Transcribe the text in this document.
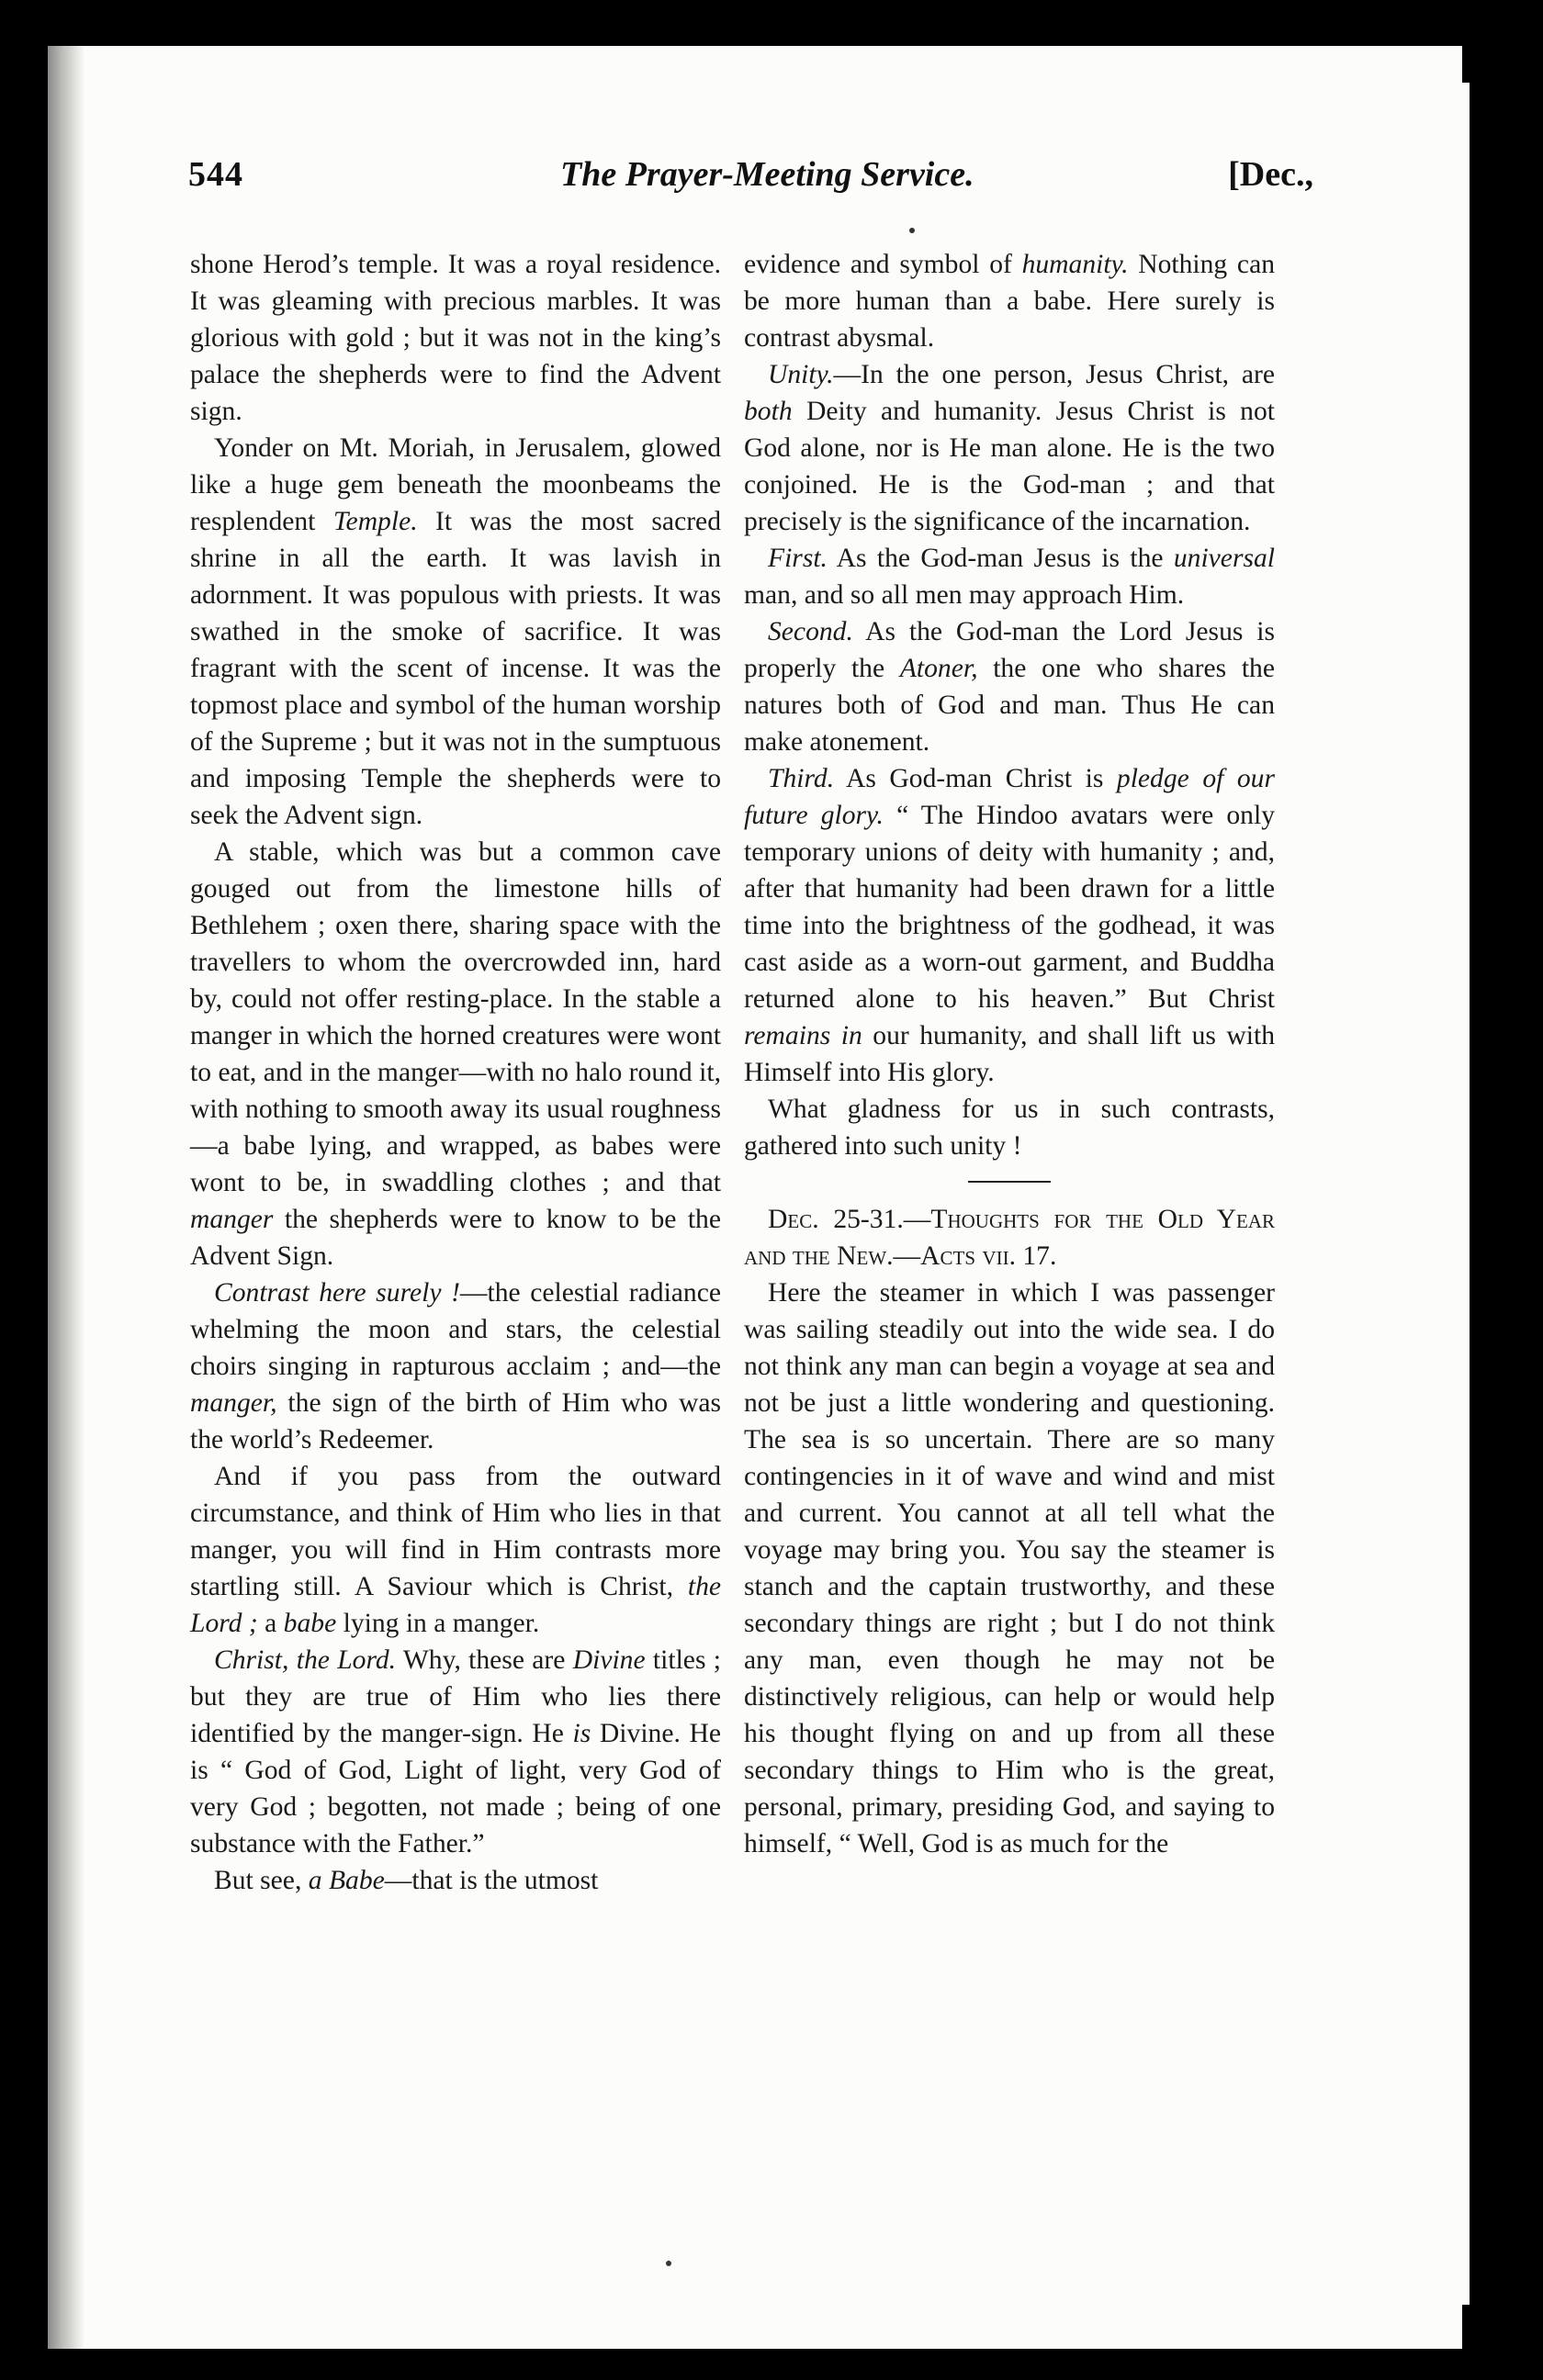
544	The Prayer-Meeting Service.	[Dec.,

shone Herod’s temple. It was a royal residence. It was gleaming with precious marbles. It was glorious with gold ; but it was not in the king’s palace the shepherds were to find the Advent sign.

Yonder on Mt. Moriah, in Jerusalem, glowed like a huge gem beneath the moonbeams the resplendent Temple. It was the most sacred shrine in all the earth. It was lavish in adornment. It was populous with priests. It was swathed in the smoke of sacrifice. It was fragrant with the scent of incense. It was the topmost place and symbol of the human worship of the Supreme ; but it was not in the sumptuous and imposing Temple the shepherds were to seek the Advent sign.

A stable, which was but a common cave gouged out from the limestone hills of Bethlehem ; oxen there, sharing space with the travellers to whom the overcrowded inn, hard by, could not offer resting-place. In the stable a manger in which the horned creatures were wont to eat, and in the manger—with no halo round it, with nothing to smooth away its usual roughness—a babe lying, and wrapped, as babes were wont to be, in swaddling clothes ; and that manger the shepherds were to know to be the Advent Sign.

Contrast here surely !—the celestial radiance whelming the moon and stars, the celestial choirs singing in rapturous acclaim ; and—the manger, the sign of the birth of Him who was the world’s Redeemer.

And if you pass from the outward circumstance, and think of Him who lies in that manger, you will find in Him contrasts more startling still. A Saviour which is Christ, the Lord ; a babe lying in a manger.

Christ, the Lord. Why, these are Divine titles ; but they are true of Him who lies there identified by the manger-sign. He is Divine. He is “ God of God, Light of light, very God of very God ; begotten, not made ; being of one substance with the Father.”

But see, a Babe—that is the utmost

evidence and symbol of humanity. Nothing can be more human than a babe. Here surely is contrast abysmal.

Unity.—In the one person, Jesus Christ, are both Deity and humanity. Jesus Christ is not God alone, nor is He man alone. He is the two conjoined. He is the God-man ; and that precisely is the significance of the incarnation.

First. As the God-man Jesus is the universal man, and so all men may approach Him.

Second. As the God-man the Lord Jesus is properly the Atoner, the one who shares the natures both of God and man. Thus He can make atonement.

Third. As God-man Christ is pledge of our future glory. “ The Hindoo avatars were only temporary unions of deity with humanity ; and, after that humanity had been drawn for a little time into the brightness of the godhead, it was cast aside as a worn-out garment, and Buddha returned alone to his heaven.” But Christ remains in our humanity, and shall lift us with Himself into His glory.

What gladness for us in such contrasts, gathered into such unity !

Dec. 25-31.—Thoughts for the Old Year and the New.—Acts vii. 17.

Here the steamer in which I was passenger was sailing steadily out into the wide sea. I do not think any man can begin a voyage at sea and not be just a little wondering and questioning. The sea is so uncertain. There are so many contingencies in it of wave and wind and mist and current. You cannot at all tell what the voyage may bring you. You say the steamer is stanch and the captain trustworthy, and these secondary things are right ; but I do not think any man, even though he may not be distinctively religious, can help or would help his thought flying on and up from all these secondary things to Him who is the great, personal, primary, presiding God, and saying to himself, “ Well, God is as much for the
